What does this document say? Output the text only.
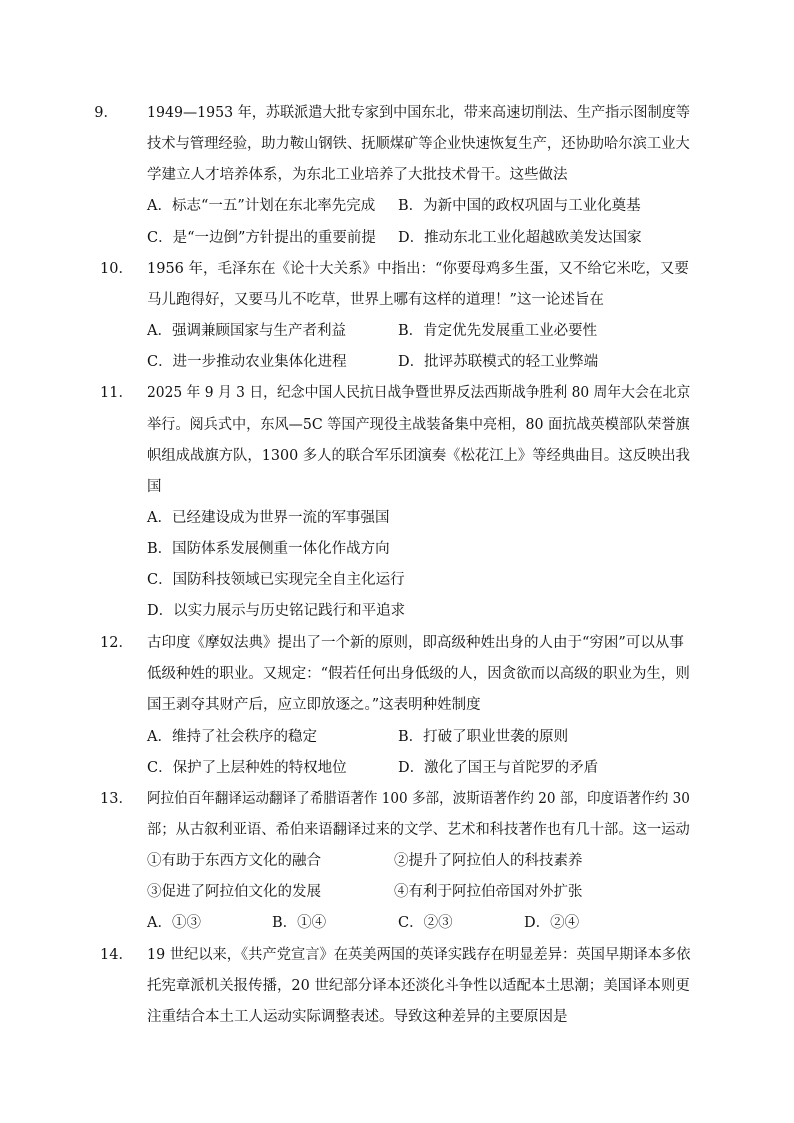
9． 1949—1953 年，苏联派遣大批专家到中国东北，带来高速切削法、生产指示图制度等
技术与管理经验，助力鞍山钢铁、抚顺煤矿等企业快速恢复生产，还协助哈尔滨工业大
学建立人才培养体系，为东北工业培养了大批技术骨干。这些做法
A．标志“一五”计划在东北率先完成 B．为新中国的政权巩固与工业化奠基
C．是“一边倒”方针提出的重要前提 D．推动东北工业化超越欧美发达国家
10． 1956 年，毛泽东在《论十大关系》中指出：“你要母鸡多生蛋，又不给它米吃，又要
马儿跑得好，又要马儿不吃草，世界上哪有这样的道理！”这一论述旨在
A．强调兼顾国家与生产者利益	B．肯定优先发展重工业必要性
C．进一步推动农业集体化进程	D．批评苏联模式的轻工业弊端
11． 2025 年 9 月 3 日，纪念中国人民抗日战争暨世界反法西斯战争胜利 80 周年大会在北京
举行。阅兵式中，东风—5C 等国产现役主战装备集中亮相，80 面抗战英模部队荣誉旗
帜组成战旗方队，1300 多人的联合军乐团演奏《松花江上》等经典曲目。这反映出我
国
A．已经建设成为世界一流的军事强国
B．国防体系发展侧重一体化作战方向
C．国防科技领域已实现完全自主化运行
D．以实力展示与历史铭记践行和平追求
12． 古印度《摩奴法典》提出了一个新的原则，即高级种姓出身的人由于“穷困”可以从事
低级种姓的职业。又规定：“假若任何出身低级的人，因贪欲而以高级的职业为生，则
国王剥夺其财产后，应立即放逐之。”这表明种姓制度
A．维持了社会秩序的稳定	B．打破了职业世袭的原则
C．保护了上层种姓的特权地位	D．激化了国王与首陀罗的矛盾
13． 阿拉伯百年翻译运动翻译了希腊语著作 100 多部，波斯语著作约 20 部，印度语著作约 30
部；从古叙利亚语、希伯来语翻译过来的文学、艺术和科技著作也有几十部。这一运动
①有助于东西方文化的融合	②提升了阿拉伯人的科技素养
③促进了阿拉伯文化的发展	④有利于阿拉伯帝国对外扩张
A．①③	B．①④	C．②③	D．②④
14． 19 世纪以来，《共产党宣言》在英美两国的英译实践存在明显差异：英国早期译本多依
托宪章派机关报传播，20 世纪部分译本还淡化斗争性以适配本土思潮；美国译本则更
注重结合本土工人运动实际调整表述。导致这种差异的主要原因是
